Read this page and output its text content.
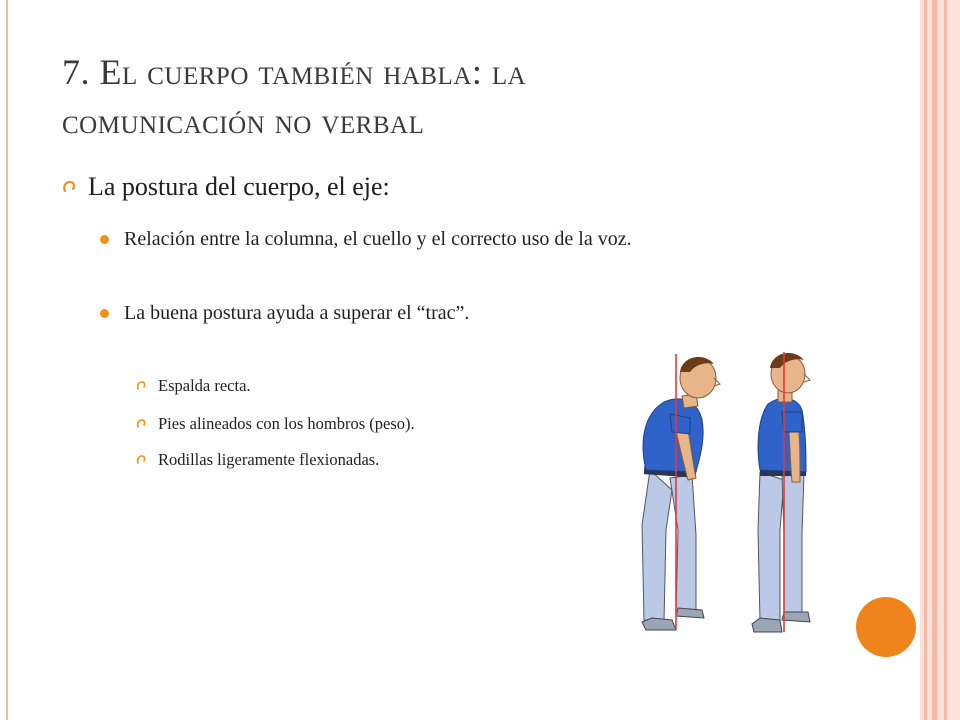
7. El cuerpo también habla: la
comunicación no verbal
La postura del cuerpo, el eje:
Relación entre la columna, el cuello y el correcto uso de la voz.
La buena postura ayuda a superar el “trac”.
Espalda recta.
Pies alineados con los hombros (peso).
Rodillas ligeramente flexionadas.
